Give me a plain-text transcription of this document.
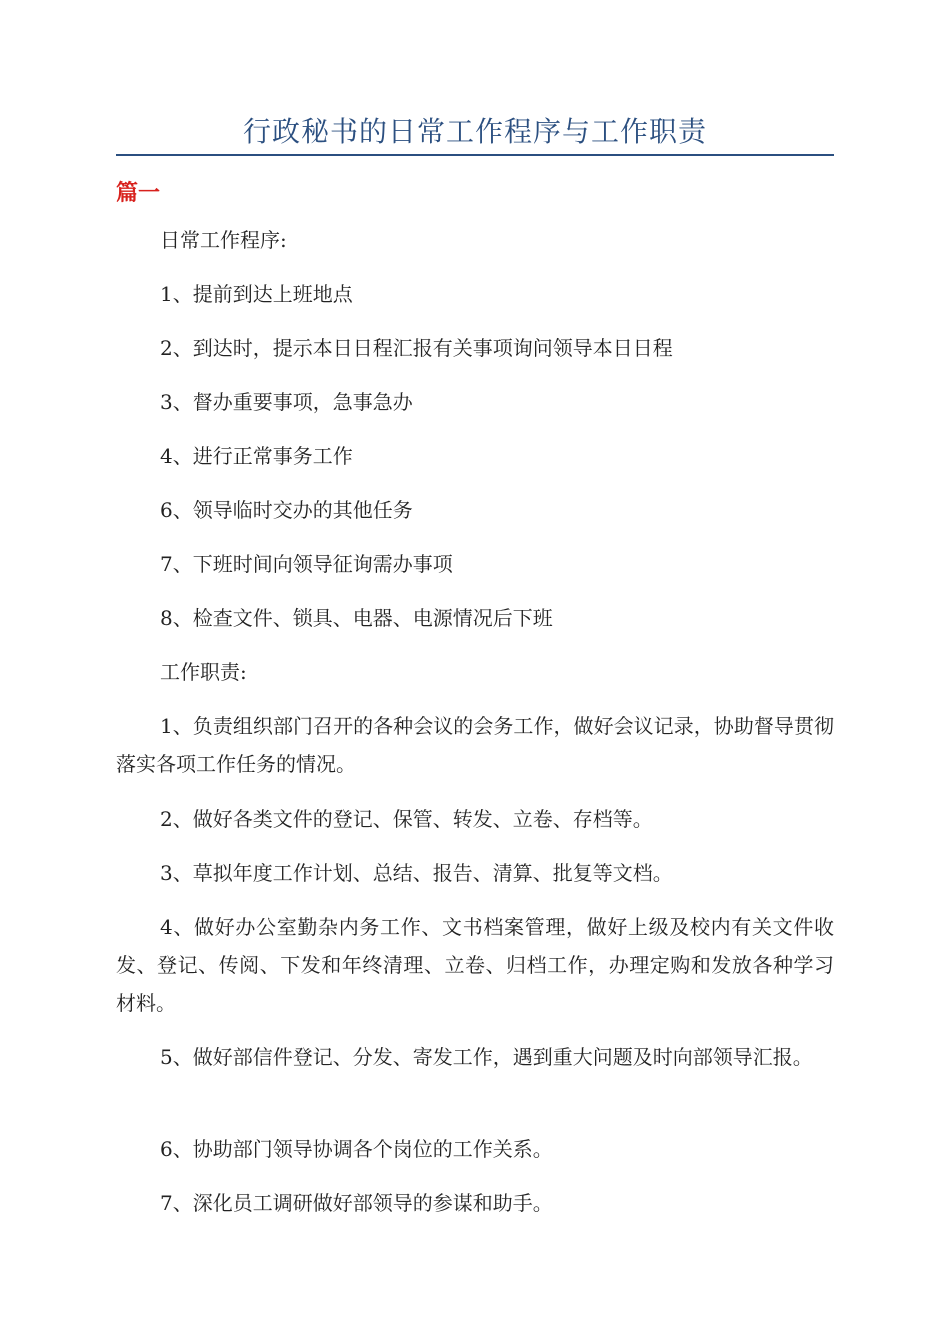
行政秘书的日常工作程序与工作职责
篇一
日常工作程序:
1、提前到达上班地点
2、到达时，提示本日日程汇报有关事项询问领导本日日程
3、督办重要事项，急事急办
4、进行正常事务工作
6、领导临时交办的其他任务
7、下班时间向领导征询需办事项
8、检查文件、锁具、电器、电源情况后下班
工作职责:
1、负责组织部门召开的各种会议的会务工作，做好会议记录，协助督导贯彻落实各项工作任务的情况。
2、做好各类文件的登记、保管、转发、立卷、存档等。
3、草拟年度工作计划、总结、报告、清算、批复等文档。
4、做好办公室勤杂内务工作、文书档案管理，做好上级及校内有关文件收发、登记、传阅、下发和年终清理、立卷、归档工作，办理定购和发放各种学习材料。
5、做好部信件登记、分发、寄发工作，遇到重大问题及时向部领导汇报。
6、协助部门领导协调各个岗位的工作关系。
7、深化员工调研做好部领导的参谋和助手。
